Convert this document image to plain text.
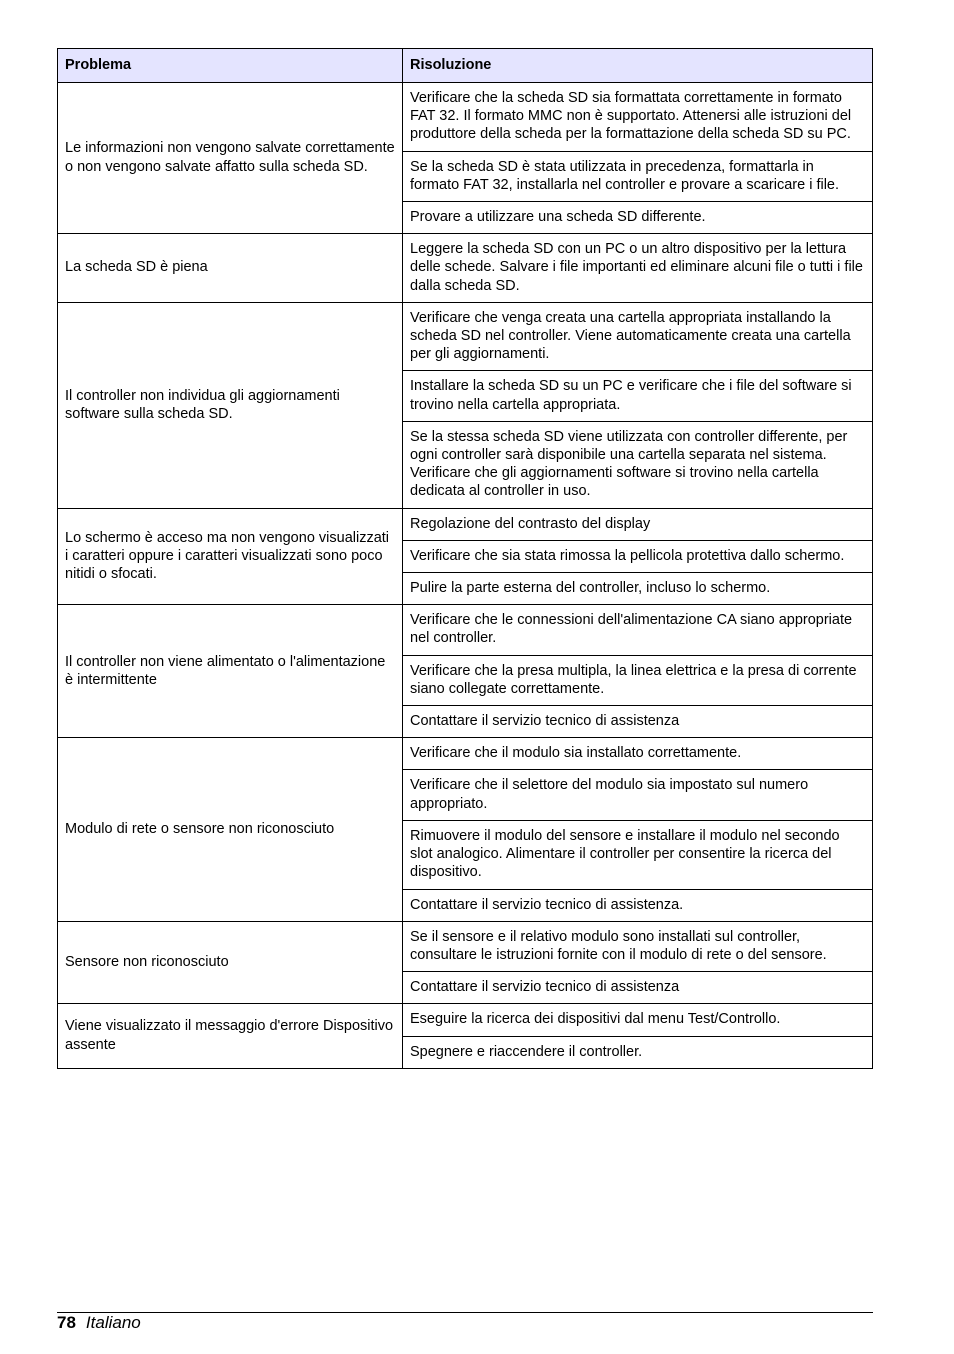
Problema	Risoluzione
Le informazioni non vengono salvate correttamente o non vengono salvate affatto sulla scheda SD.	Verificare che la scheda SD sia formattata correttamente in formato FAT 32. Il formato MMC non è supportato. Attenersi alle istruzioni del produttore della scheda per la formattazione della scheda SD su PC.
	Se la scheda SD è stata utilizzata in precedenza, formattarla in formato FAT 32, installarla nel controller e provare a scaricare i file.
	Provare a utilizzare una scheda SD differente.
La scheda SD è piena	Leggere la scheda SD con un PC o un altro dispositivo per la lettura delle schede. Salvare i file importanti ed eliminare alcuni file o tutti i file dalla scheda SD.
Il controller non individua gli aggiornamenti software sulla scheda SD.	Verificare che venga creata una cartella appropriata installando la scheda SD nel controller. Viene automaticamente creata una cartella per gli aggiornamenti.
	Installare la scheda SD su un PC e verificare che i file del software si trovino nella cartella appropriata.
	Se la stessa scheda SD viene utilizzata con controller differente, per ogni controller sarà disponibile una cartella separata nel sistema. Verificare che gli aggiornamenti software si trovino nella cartella dedicata al controller in uso.
Lo schermo è acceso ma non vengono visualizzati i caratteri oppure i caratteri visualizzati sono poco nitidi o sfocati.	Regolazione del contrasto del display
	Verificare che sia stata rimossa la pellicola protettiva dallo schermo.
	Pulire la parte esterna del controller, incluso lo schermo.
Il controller non viene alimentato o l'alimentazione è intermittente	Verificare che le connessioni dell'alimentazione CA siano appropriate nel controller.
	Verificare che la presa multipla, la linea elettrica e la presa di corrente siano collegate correttamente.
	Contattare il servizio tecnico di assistenza
Modulo di rete o sensore non riconosciuto	Verificare che il modulo sia installato correttamente.
	Verificare che il selettore del modulo sia impostato sul numero appropriato.
	Rimuovere il modulo del sensore e installare il modulo nel secondo slot analogico. Alimentare il controller per consentire la ricerca del dispositivo.
	Contattare il servizio tecnico di assistenza.
Sensore non riconosciuto	Se il sensore e il relativo modulo sono installati sul controller, consultare le istruzioni fornite con il modulo di rete o del sensore.
	Contattare il servizio tecnico di assistenza
Viene visualizzato il messaggio d'errore Dispositivo assente	Eseguire la ricerca dei dispositivi dal menu Test/Controllo.
	Spegnere e riaccendere il controller.
78 Italiano
